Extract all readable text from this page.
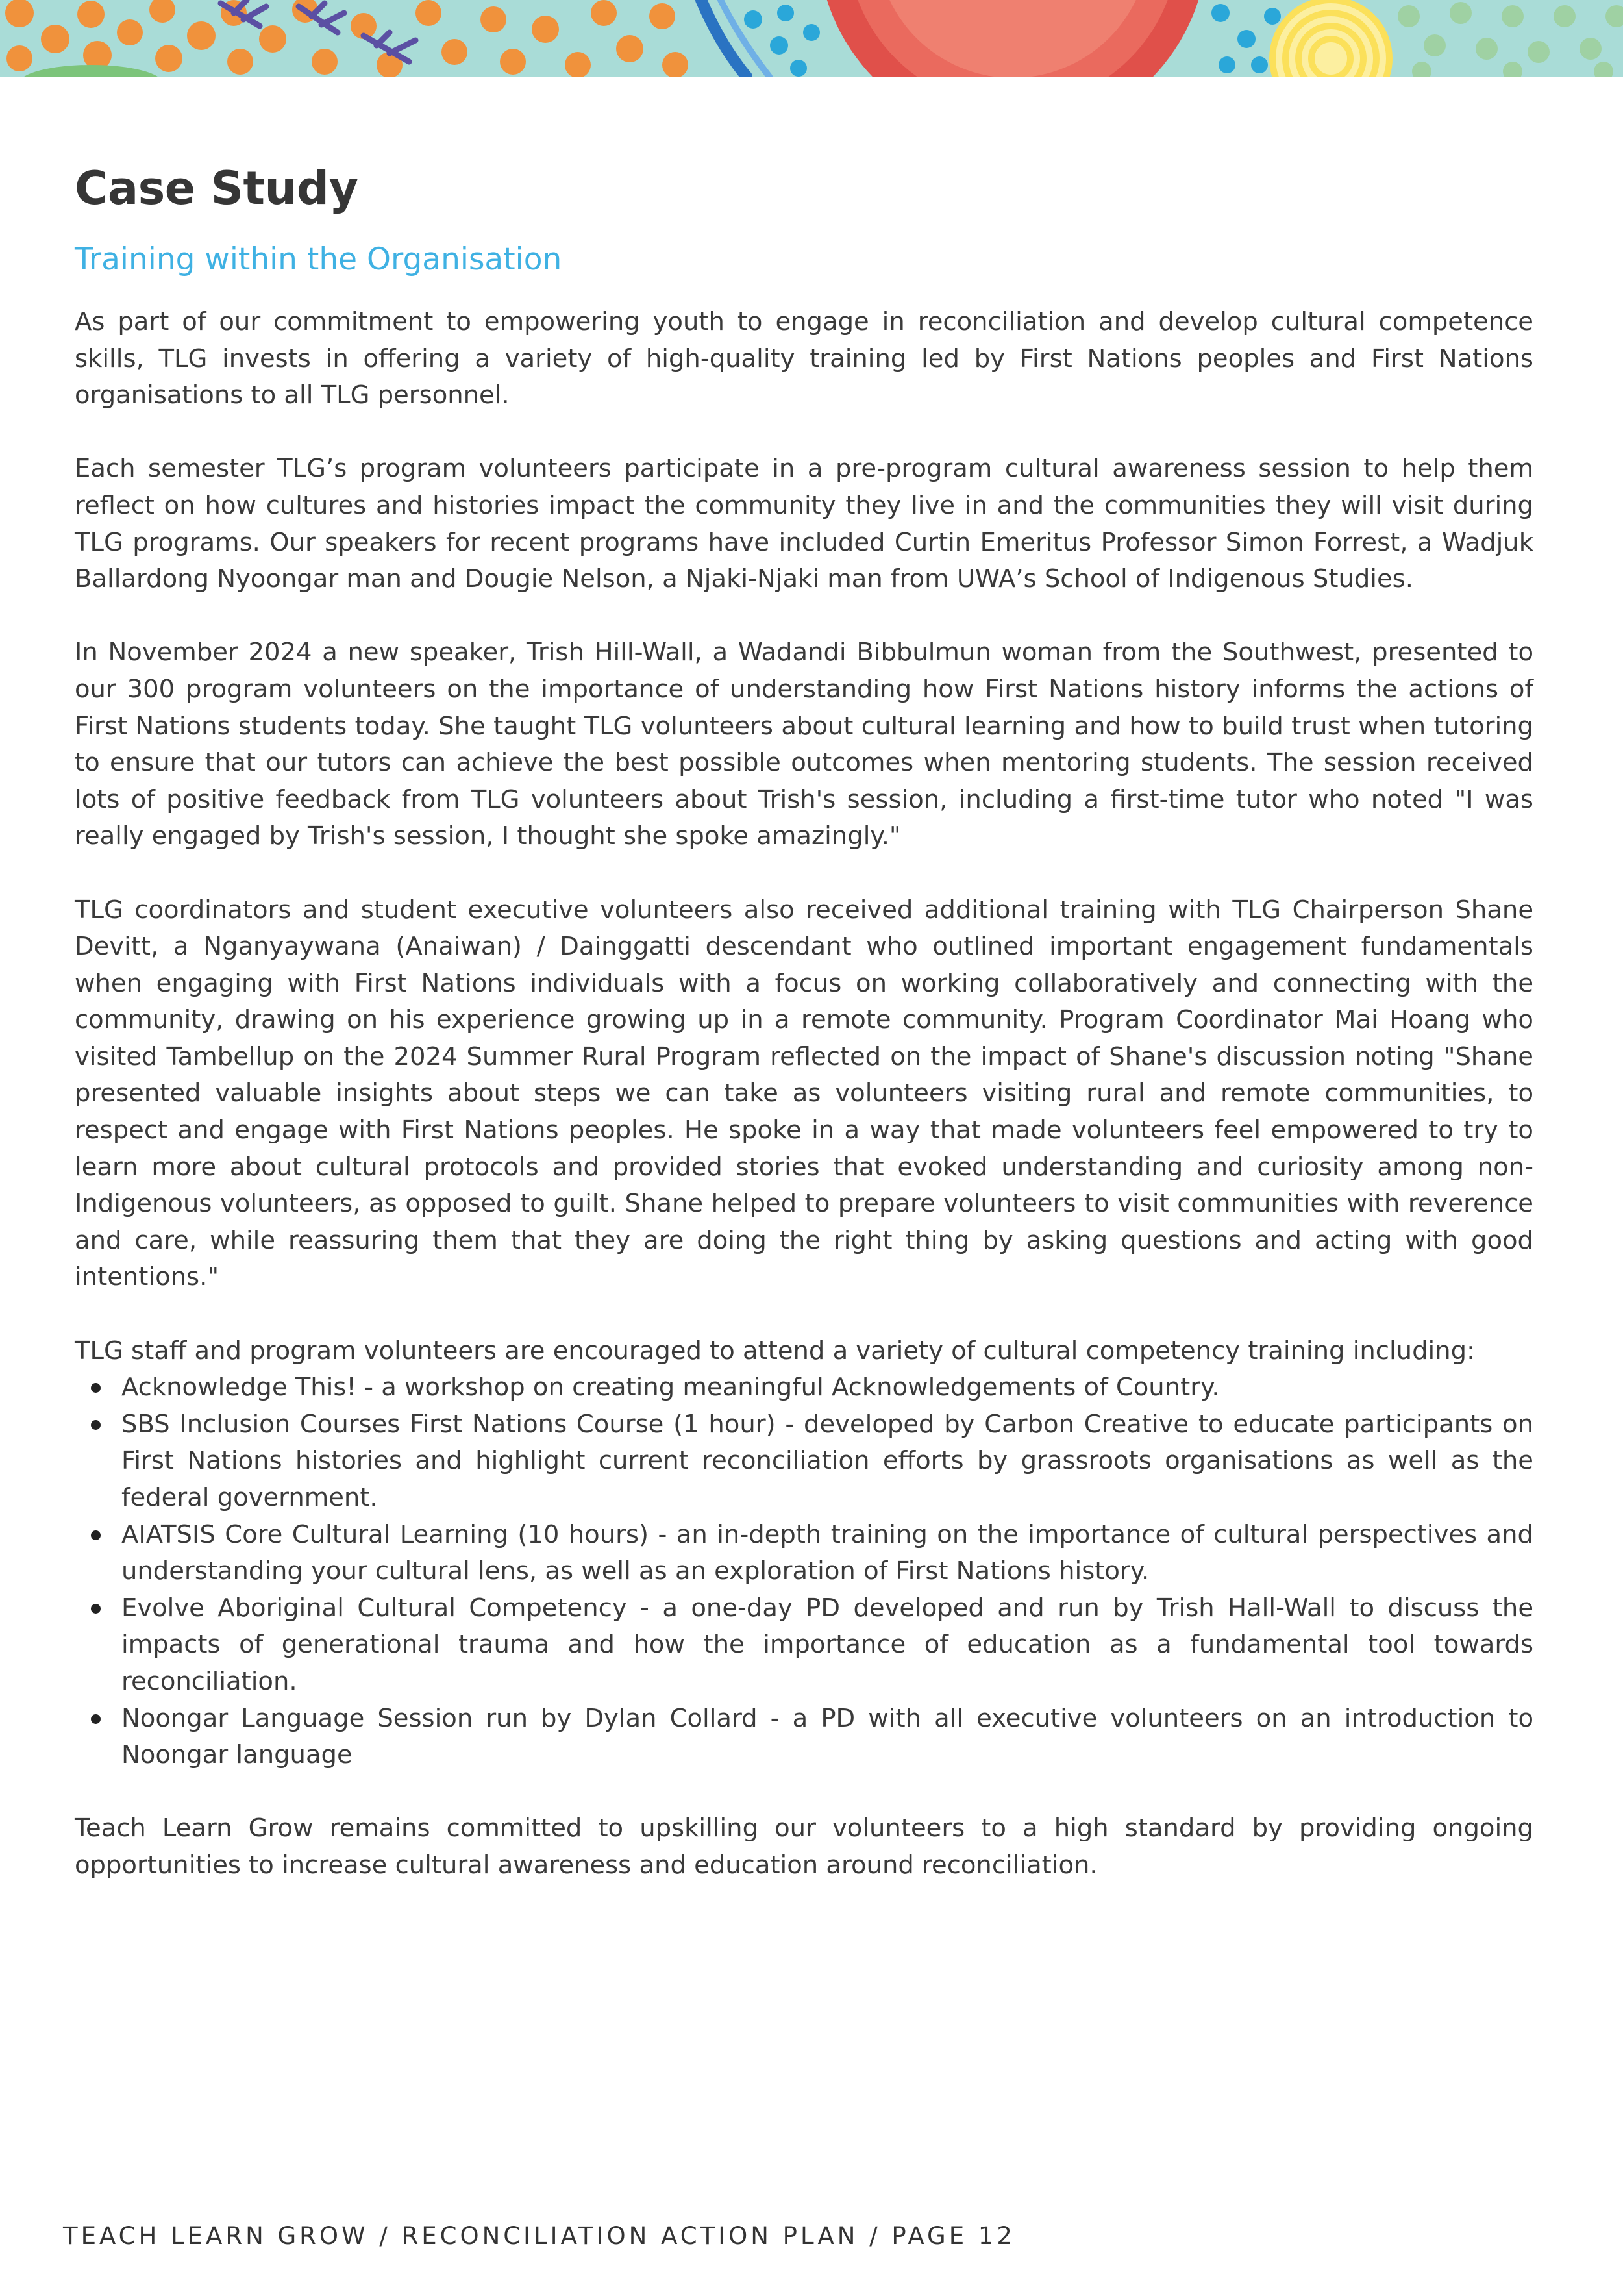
Case Study
Training within the Organisation

As part of our commitment to empowering youth to engage in reconciliation and develop cultural competence skills, TLG invests in offering a variety of high-quality training led by First Nations peoples and First Nations organisations to all TLG personnel.

Each semester TLG’s program volunteers participate in a pre-program cultural awareness session to help them reflect on how cultures and histories impact the community they live in and the communities they will visit during TLG programs. Our speakers for recent programs have included Curtin Emeritus Professor Simon Forrest, a Wadjuk Ballardong Nyoongar man and Dougie Nelson, a Njaki-Njaki man from UWA’s School of Indigenous Studies.

In November 2024 a new speaker, Trish Hill-Wall, a Wadandi Bibbulmun woman from the Southwest, presented to our 300 program volunteers on the importance of understanding how First Nations history informs the actions of First Nations students today. She taught TLG volunteers about cultural learning and how to build trust when tutoring to ensure that our tutors can achieve the best possible outcomes when mentoring students. The session received lots of positive feedback from TLG volunteers about Trish's session, including a first-time tutor who noted "I was really engaged by Trish's session, I thought she spoke amazingly."

TLG coordinators and student executive volunteers also received additional training with TLG Chairperson Shane Devitt, a Nganyaywana (Anaiwan) / Dainggatti descendant who outlined important engagement fundamentals when engaging with First Nations individuals with a focus on working collaboratively and connecting with the community, drawing on his experience growing up in a remote community. Program Coordinator Mai Hoang who visited Tambellup on the 2024 Summer Rural Program reflected on the impact of Shane's discussion noting "Shane presented valuable insights about steps we can take as volunteers visiting rural and remote communities, to respect and engage with First Nations peoples. He spoke in a way that made volunteers feel empowered to try to learn more about cultural protocols and provided stories that evoked understanding and curiosity among non-Indigenous volunteers, as opposed to guilt. Shane helped to prepare volunteers to visit communities with reverence and care, while reassuring them that they are doing the right thing by asking questions and acting with good intentions."

TLG staff and program volunteers are encouraged to attend a variety of cultural competency training including:

Acknowledge This! - a workshop on creating meaningful Acknowledgements of Country.
SBS Inclusion Courses First Nations Course (1 hour) - developed by Carbon Creative to educate participants on First Nations histories and highlight current reconciliation efforts by grassroots organisations as well as the federal government.
AIATSIS Core Cultural Learning (10 hours) - an in-depth training on the importance of cultural perspectives and understanding your cultural lens, as well as an exploration of First Nations history.
Evolve Aboriginal Cultural Competency - a one-day PD developed and run by Trish Hall-Wall to discuss the impacts of generational trauma and how the importance of education as a fundamental tool towards reconciliation.
Noongar Language Session run by Dylan Collard - a PD with all executive volunteers on an introduction to Noongar language

Teach Learn Grow remains committed to upskilling our volunteers to a high standard by providing ongoing opportunities to increase cultural awareness and education around reconciliation.

TEACH LEARN GROW / RECONCILIATION ACTION PLAN / PAGE 12
